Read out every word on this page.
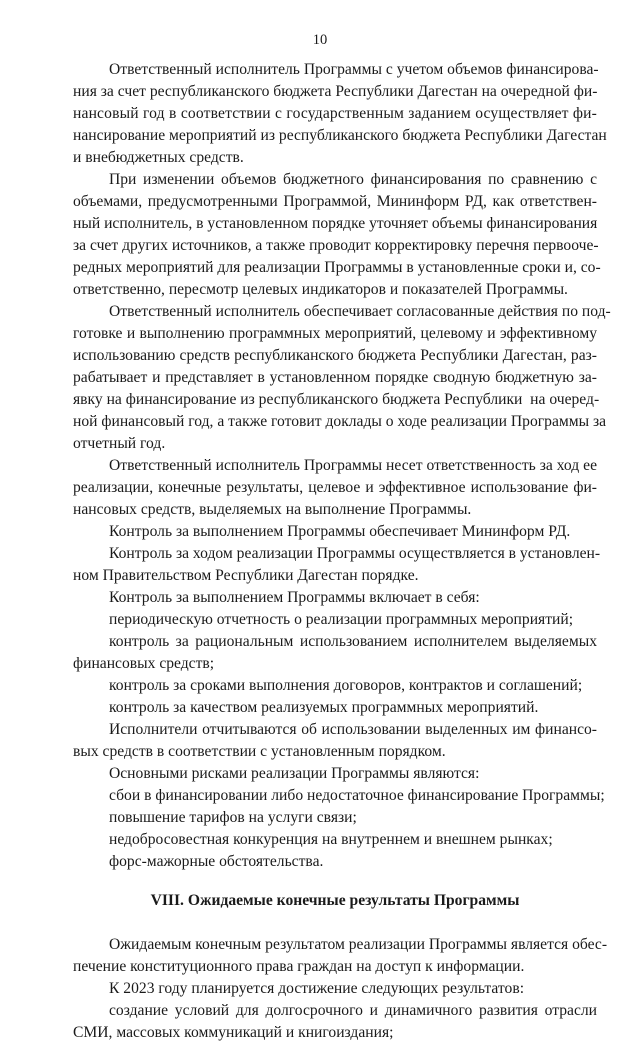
10
Ответственный исполнитель Программы с учетом объемов финансирова-
ния за счет республиканского бюджета Республики Дагестан на очередной фи-
нансовый год в соответствии с государственным заданием осуществляет фи-
нансирование мероприятий из республиканского бюджета Республики Дагестан
и внебюджетных средств.
При изменении объемов бюджетного финансирования по сравнению с
объемами, предусмотренными Программой, Мининформ РД, как ответствен-
ный исполнитель, в установленном порядке уточняет объемы финансирования
за счет других источников, а также проводит корректировку перечня первооче-
редных мероприятий для реализации Программы в установленные сроки и, со-
ответственно, пересмотр целевых индикаторов и показателей Программы.
Ответственный исполнитель обеспечивает согласованные действия по под-
готовке и выполнению программных мероприятий, целевому и эффективному
использованию средств республиканского бюджета Республики Дагестан, раз-
рабатывает и представляет в установленном порядке сводную бюджетную за-
явку на финансирование из республиканского бюджета Республики  на очеред-
ной финансовый год, а также готовит доклады о ходе реализации Программы за
отчетный год.
Ответственный исполнитель Программы несет ответственность за ход ее
реализации, конечные результаты, целевое и эффективное использование фи-
нансовых средств, выделяемых на выполнение Программы.
Контроль за выполнением Программы обеспечивает Мининформ РД.
Контроль за ходом реализации Программы осуществляется в установлен-
ном Правительством Республики Дагестан порядке.
Контроль за выполнением Программы включает в себя:
периодическую отчетность о реализации программных мероприятий;
контроль за рациональным использованием исполнителем выделяемых
финансовых средств;
контроль за сроками выполнения договоров, контрактов и соглашений;
контроль за качеством реализуемых программных мероприятий.
Исполнители отчитываются об использовании выделенных им финансо-
вых средств в соответствии с установленным порядком.
Основными рисками реализации Программы являются:
сбои в финансировании либо недостаточное финансирование Программы;
повышение тарифов на услуги связи;
недобросовестная конкуренция на внутреннем и внешнем рынках;
форс-мажорные обстоятельства.
VIII. Ожидаемые конечные результаты Программы
Ожидаемым конечным результатом реализации Программы является обес-
печение конституционного права граждан на доступ к информации.
К 2023 году планируется достижение следующих результатов:
создание условий для долгосрочного и динамичного развития отрасли
СМИ, массовых коммуникаций и книгоиздания;
